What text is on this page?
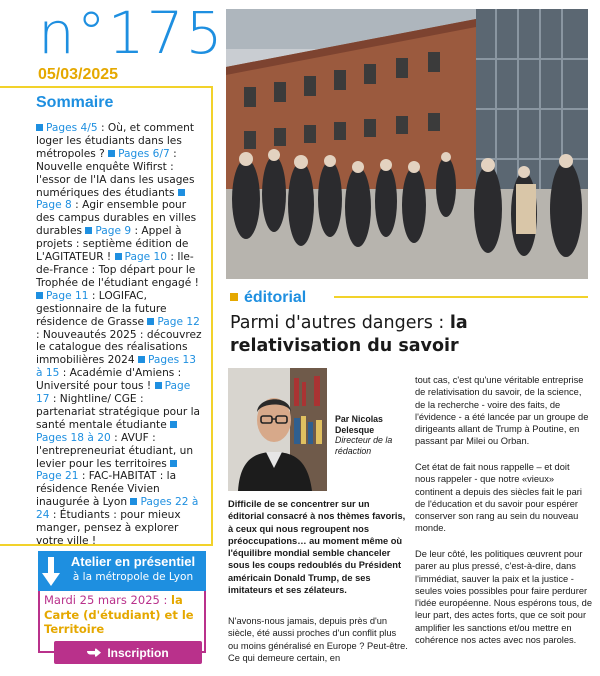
n°175
05/03/2025
Sommaire
Pages 4/5 : Où, et comment loger les étudiants dans les métropoles ? Pages 6/7 : Nouvelle enquête Wifirst : l'essor de l'IA dans les usages numériques des étudiants Page 8 : Agir ensemble pour des campus durables en villes durables Page 9 : Appel à projets : septième édition de L'AGITATEUR ! Page 10 : Ile-de-France : Top départ pour le Trophée de l'étudiant engagé ! Page 11 : LOGIFAC, gestionnaire de la future résidence de Grasse Page 12 : Nouveautés 2025 : découvrez le catalogue des réalisations immobilières 2024 Pages 13 à 15 : Académie d'Amiens : Université pour tous ! Page 17 : Nightline/ CGE : partenariat stratégique pour la santé mentale étudiante Pages 18 à 20 : AVUF : l'entrepreneuriat étudiant, un levier pour les territoires Page 21 : FAC-HABITAT : la résidence Renée Vivien inaugurée à Lyon Pages 22 à 24 : Étudiants : pour mieux manger, pensez à explorer votre ville !
Atelier en présentiel
à la métropole de Lyon
Mardi 25 mars 2025 : la Carte (d'étudiant) et le Territoire
Inscription
éditorial
Parmi d'autres dangers : la relativisation du savoir
Par Nicolas Delesque
Directeur de la rédaction
Difficile de se concentrer sur un éditorial consacré à nos thèmes favoris, à ceux qui nous regroupent nos préoccupations… au moment même où l'équilibre mondial semble chanceler sous les coups redoublés du Président américain Donald Trump, de ses imitateurs et ses zélateurs.
N'avons-nous jamais, depuis près d'un siècle, été aussi proches d'un conflit plus ou moins généralisé en Europe ? Peut-être. Ce qui demeure certain, en
tout cas, c'est qu'une véritable entreprise de relativisation du savoir, de la science, de la recherche - voire des faits, de l'évidence - a été lancée par un groupe de dirigeants allant de Trump à Poutine, en passant par Milei ou Orban.
Cet état de fait nous rappelle – et doit nous rappeler - que notre «vieux» continent a depuis des siècles fait le pari de l'éducation et du savoir pour espérer conserver son rang au sein du nouveau monde.
De leur côté, les politiques œuvrent pour parer au plus pressé, c'est-à-dire, dans l'immédiat, sauver la paix et la justice - seules voies possibles pour faire perdurer l'idée européenne. Nous espérons tous, de leur part, des actes forts, que ce soit pour amplifier les sanctions et/ou mettre en cohérence nos actes avec nos paroles.
